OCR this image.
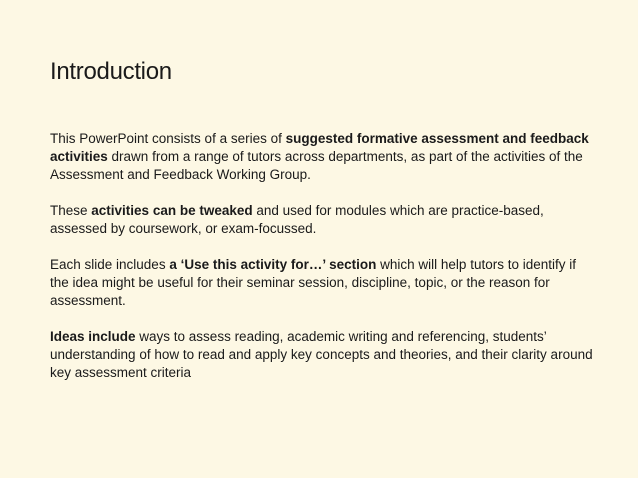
Introduction

This PowerPoint consists of a series of suggested formative assessment and feedback activities drawn from a range of tutors across departments, as part of the activities of the Assessment and Feedback Working Group.

These activities can be tweaked and used for modules which are practice-based, assessed by coursework, or exam-focussed.

Each slide includes a ‘Use this activity for…’ section which will help tutors to identify if the idea might be useful for their seminar session, discipline, topic, or the reason for assessment.

Ideas include ways to assess reading, academic writing and referencing, students’ understanding of how to read and apply key concepts and theories, and their clarity around key assessment criteria
